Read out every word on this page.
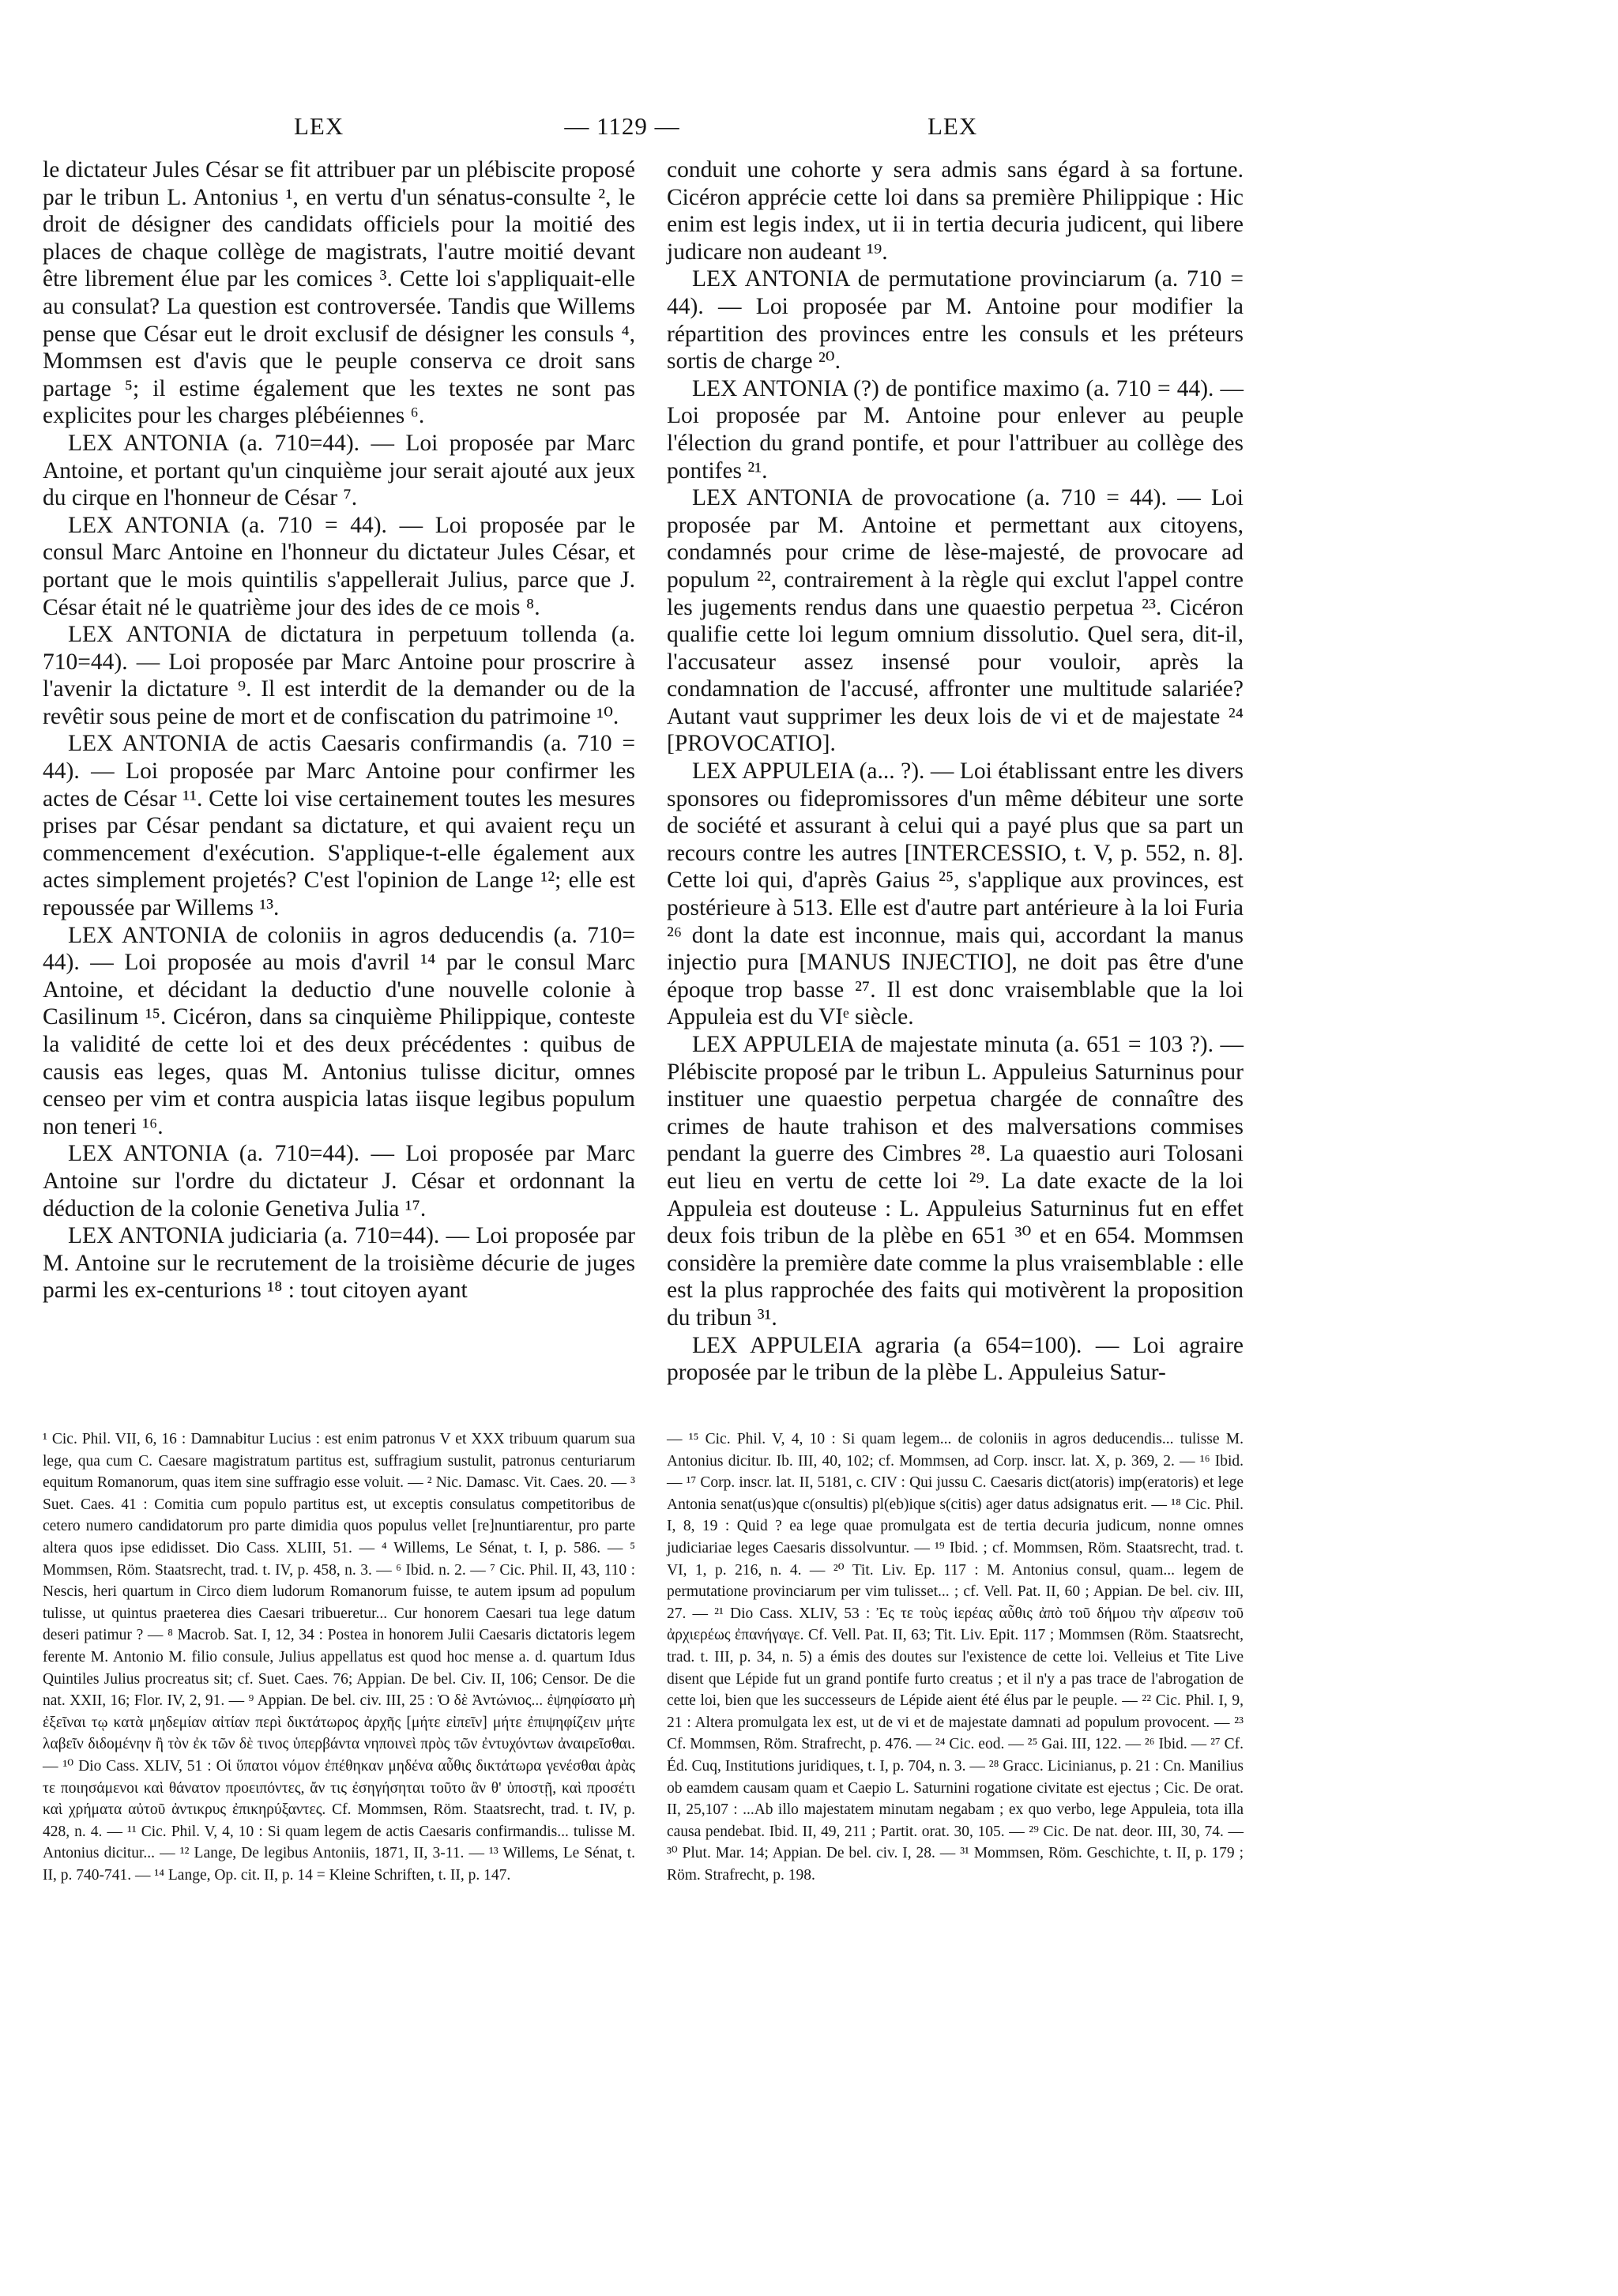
LEX	— 1129 —	LEX

le dictateur Jules César se fit attribuer par un plébiscite proposé par le tribun L. Antonius ¹, en vertu d'un sénatus-consulte ², le droit de désigner des candidats officiels pour la moitié des places de chaque collège de magistrats, l'autre moitié devant être librement élue par les comices ³. Cette loi s'appliquait-elle au consulat? La question est controversée. Tandis que Willems pense que César eut le droit exclusif de désigner les consuls ⁴, Mommsen est d'avis que le peuple conserva ce droit sans partage ⁵; il estime également que les textes ne sont pas explicites pour les charges plébéiennes ⁶.

LEX ANTONIA (a. 710=44). — Loi proposée par Marc Antoine, et portant qu'un cinquième jour serait ajouté aux jeux du cirque en l'honneur de César ⁷.

LEX ANTONIA (a. 710 = 44). — Loi proposée par le consul Marc Antoine en l'honneur du dictateur Jules César, et portant que le mois quintilis s'appellerait Julius, parce que J. César était né le quatrième jour des ides de ce mois ⁸.

LEX ANTONIA de dictatura in perpetuum tollenda (a. 710=44). — Loi proposée par Marc Antoine pour proscrire à l'avenir la dictature ⁹. Il est interdit de la demander ou de la revêtir sous peine de mort et de confiscation du patrimoine ¹⁰.

LEX ANTONIA de actis Caesaris confirmandis (a. 710 = 44). — Loi proposée par Marc Antoine pour confirmer les actes de César ¹¹. Cette loi vise certainement toutes les mesures prises par César pendant sa dictature, et qui avaient reçu un commencement d'exécution. S'applique-t-elle également aux actes simplement projetés? C'est l'opinion de Lange ¹²; elle est repoussée par Willems ¹³.

LEX ANTONIA de coloniis in agros deducendis (a. 710= 44). — Loi proposée au mois d'avril ¹⁴ par le consul Marc Antoine, et décidant la deductio d'une nouvelle colonie à Casilinum ¹⁵. Cicéron, dans sa cinquième Philippique, conteste la validité de cette loi et des deux précédentes : quibus de causis eas leges, quas M. Antonius tulisse dicitur, omnes censeo per vim et contra auspicia latas iisque legibus populum non teneri ¹⁶.

LEX ANTONIA (a. 710=44). — Loi proposée par Marc Antoine sur l'ordre du dictateur J. César et ordonnant la déduction de la colonie Genetiva Julia ¹⁷.

LEX ANTONIA judiciaria (a. 710=44). — Loi proposée par M. Antoine sur le recrutement de la troisième décurie de juges parmi les ex-centurions ¹⁸ : tout citoyen ayant

conduit une cohorte y sera admis sans égard à sa fortune. Cicéron apprécie cette loi dans sa première Philippique : Hic enim est legis index, ut ii in tertia decuria judicent, qui libere judicare non audeant ¹⁹.

LEX ANTONIA de permutatione provinciarum (a. 710 = 44). — Loi proposée par M. Antoine pour modifier la répartition des provinces entre les consuls et les préteurs sortis de charge ²⁰.

LEX ANTONIA (?) de pontifice maximo (a. 710 = 44). — Loi proposée par M. Antoine pour enlever au peuple l'élection du grand pontife, et pour l'attribuer au collège des pontifes ²¹.

LEX ANTONIA de provocatione (a. 710 = 44). — Loi proposée par M. Antoine et permettant aux citoyens, condamnés pour crime de lèse-majesté, de provocare ad populum ²², contrairement à la règle qui exclut l'appel contre les jugements rendus dans une quaestio perpetua ²³. Cicéron qualifie cette loi legum omnium dissolutio. Quel sera, dit-il, l'accusateur assez insensé pour vouloir, après la condamnation de l'accusé, affronter une multitude salariée? Autant vaut supprimer les deux lois de vi et de majestate ²⁴ [PROVOCATIO].

LEX APPULEIA (a... ?). — Loi établissant entre les divers sponsores ou fidepromissores d'un même débiteur une sorte de société et assurant à celui qui a payé plus que sa part un recours contre les autres [INTERCESSIO, t. V, p. 552, n. 8]. Cette loi qui, d'après Gaius ²⁵, s'applique aux provinces, est postérieure à 513. Elle est d'autre part antérieure à la loi Furia ²⁶ dont la date est inconnue, mais qui, accordant la manus injectio pura [MANUS INJECTIO], ne doit pas être d'une époque trop basse ²⁷. Il est donc vraisemblable que la loi Appuleia est du VIᵉ siècle.

LEX APPULEIA de majestate minuta (a. 651 = 103 ?). — Plébiscite proposé par le tribun L. Appuleius Saturninus pour instituer une quaestio perpetua chargée de connaître des crimes de haute trahison et des malversations commises pendant la guerre des Cimbres ²⁸. La quaestio auri Tolosani eut lieu en vertu de cette loi ²⁹. La date exacte de la loi Appuleia est douteuse : L. Appuleius Saturninus fut en effet deux fois tribun de la plèbe en 651 ³⁰ et en 654. Mommsen considère la première date comme la plus vraisemblable : elle est la plus rapprochée des faits qui motivèrent la proposition du tribun ³¹.

LEX APPULEIA agraria (a 654=100). — Loi agraire proposée par le tribun de la plèbe L. Appuleius Satur-

¹ Cic. Phil. VII, 6, 16 : Damnabitur Lucius : est enim patronus V et XXX tribuum quarum sua lege, qua cum C. Caesare magistratum partitus est, suffragium sustulit, patronus centuriarum equitum Romanorum, quas item sine suffragio esse voluit. — ² Nic. Damasc. Vit. Caes. 20. — ³ Suet. Caes. 41 : Comitia cum populo partitus est, ut exceptis consulatus competitoribus de cetero numero candidatorum pro parte dimidia quos populus vellet [re]nuntiarentur, pro parte altera quos ipse edidisset. Dio Cass. XLIII, 51. — ⁴ Willems, Le Sénat, t. I, p. 586. — ⁵ Mommsen, Röm. Staatsrecht, trad. t. IV, p. 458, n. 3. — ⁶ Ibid. n. 2. — ⁷ Cic. Phil. II, 43, 110 : Nescis, heri quartum in Circo diem ludorum Romanorum fuisse, te autem ipsum ad populum tulisse, ut quintus praeterea dies Caesari tribueretur... Cur honorem Caesari tua lege datum deseri patimur ? — ⁸ Macrob. Sat. I, 12, 34 : Postea in honorem Julii Caesaris dictatoris legem ferente M. Antonio M. filio consule, Julius appellatus est quod hoc mense a. d. quartum Idus Quintiles Julius procreatus sit; cf. Suet. Caes. 76; Appian. De bel. Civ. II, 106; Censor. De die nat. XXII, 16; Flor. IV, 2, 91. — ⁹ Appian. De bel. civ. III, 25 : Ὁ δὲ Ἀντώνιος... ἐψηφίσατο μὴ ἐξεῖναι τῳ κατὰ μηδεμίαν αἰτίαν περὶ δικτάτωρος ἀρχῆς [μήτε εἰπεῖν] μήτε ἐπιψηφίζειν μήτε λαβεῖν διδομένην ἢ τὸν ἐκ τῶν δὲ τινος ὑπερβάντα νηποινεὶ πρὸς τῶν ἐντυχόντων ἀναιρεῖσθαι. — ¹⁰ Dio Cass. XLIV, 51 : Οἱ ὕπατοι νόμον ἐπέθηκαν μηδένα αὖθις δικτάτωρα γενέσθαι ἀρὰς τε ποιησάμενοι καὶ θάνατον προειπόντες, ἄν τις ἐσηγήσηται τοῦτο ἂν θ' ὑποστῇ, καὶ προσέτι καὶ χρήματα αὐτοῦ ἀντικρυς ἐπικηρύξαντες. Cf. Mommsen, Röm. Staatsrecht, trad. t. IV, p. 428, n. 4. — ¹¹ Cic. Phil. V, 4, 10 : Si quam legem de actis Caesaris confirmandis... tulisse M. Antonius dicitur... — ¹² Lange, De legibus Antoniis, 1871, II, 3-11. — ¹³ Willems, Le Sénat, t. II, p. 740-741. — ¹⁴ Lange, Op. cit. II, p. 14 = Kleine Schriften, t. II, p. 147.
— ¹⁵ Cic. Phil. V, 4, 10 : Si quam legem... de coloniis in agros deducendis... tulisse M. Antonius dicitur. Ib. III, 40, 102; cf. Mommsen, ad Corp. inscr. lat. X, p. 369, 2. — ¹⁶ Ibid. — ¹⁷ Corp. inscr. lat. II, 5181, c. CIV : Qui jussu C. Caesaris dict(atoris) imp(eratoris) et lege Antonia senat(us)que c(onsultis) pl(eb)ique s(citis) ager datus adsignatus erit. — ¹⁸ Cic. Phil. I, 8, 19 : Quid ? ea lege quae promulgata est de tertia decuria judicum, nonne omnes judiciariae leges Caesaris dissolvuntur. — ¹⁹ Ibid. ; cf. Mommsen, Röm. Staatsrecht, trad. t. VI, 1, p. 216, n. 4. — ²⁰ Tit. Liv. Ep. 117 : M. Antonius consul, quam... legem de permutatione provinciarum per vim tulisset... ; cf. Vell. Pat. II, 60 ; Appian. De bel. civ. III, 27. — ²¹ Dio Cass. XLIV, 53 : Ἐς τε τοὺς ἱερέας αὖθις ἀπὸ τοῦ δήμου τὴν αἵρεσιν τοῦ ἀρχιερέως ἐπανήγαγε. Cf. Vell. Pat. II, 63; Tit. Liv. Epit. 117 ; Mommsen (Röm. Staatsrecht, trad. t. III, p. 34, n. 5) a émis des doutes sur l'existence de cette loi. Velleius et Tite Live disent que Lépide fut un grand pontife furto creatus ; et il n'y a pas trace de l'abrogation de cette loi, bien que les successeurs de Lépide aient été élus par le peuple. — ²² Cic. Phil. I, 9, 21 : Altera promulgata lex est, ut de vi et de majestate damnati ad populum provocent. — ²³ Cf. Mommsen, Röm. Strafrecht, p. 476. — ²⁴ Cic. eod. — ²⁵ Gai. III, 122. — ²⁶ Ibid. — ²⁷ Cf. Éd. Cuq, Institutions juridiques, t. I, p. 704, n. 3. — ²⁸ Gracc. Licinianus, p. 21 : Cn. Manilius ob eamdem causam quam et Caepio L. Saturnini rogatione civitate est ejectus ; Cic. De orat. II, 25,107 : ...Ab illo majestatem minutam negabam ; ex quo verbo, lege Appuleia, tota illa causa pendebat. Ibid. II, 49, 211 ; Partit. orat. 30, 105. — ²⁹ Cic. De nat. deor. III, 30, 74. — ³⁰ Plut. Mar. 14; Appian. De bel. civ. I, 28. — ³¹ Mommsen, Röm. Geschichte, t. II, p. 179 ; Röm. Strafrecht, p. 198.
